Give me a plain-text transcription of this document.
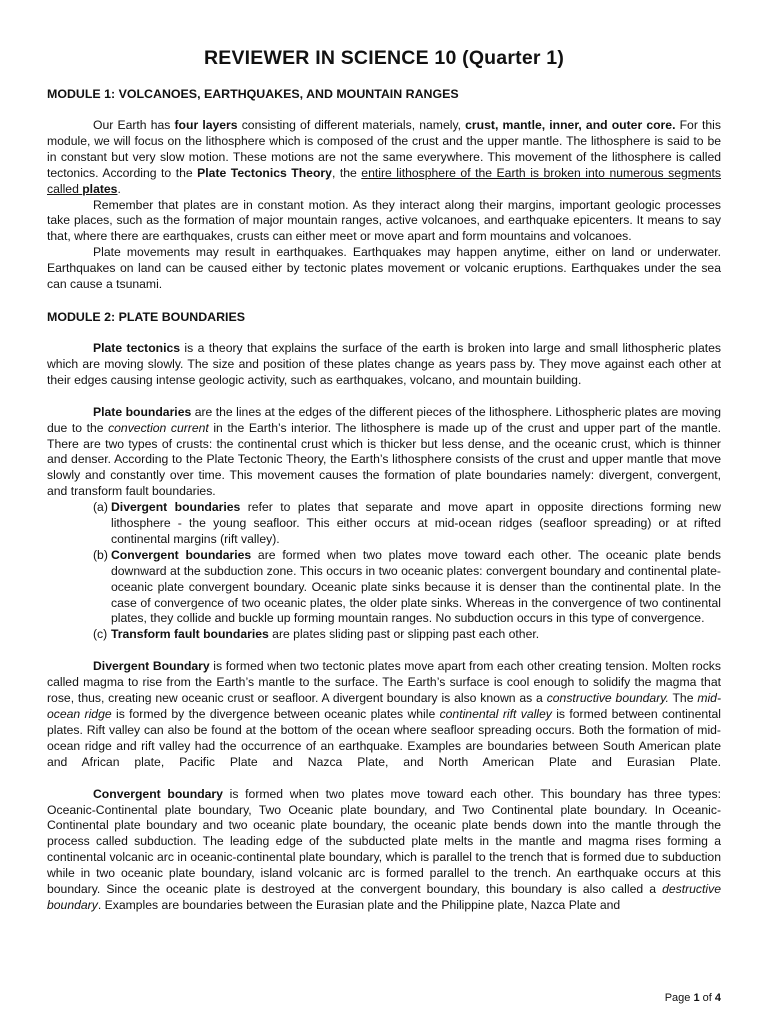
REVIEWER IN SCIENCE 10 (Quarter 1)
MODULE 1: VOLCANOES, EARTHQUAKES, AND MOUNTAIN RANGES

Our Earth has four layers consisting of different materials, namely, crust, mantle, inner, and outer core. For this module, we will focus on the lithosphere which is composed of the crust and the upper mantle. The lithosphere is said to be in constant but very slow motion. These motions are not the same everywhere. This movement of the lithosphere is called tectonics. According to the Plate Tectonics Theory, the entire lithosphere of the Earth is broken into numerous segments called plates.

Remember that plates are in constant motion. As they interact along their margins, important geologic processes take places, such as the formation of major mountain ranges, active volcanoes, and earthquake epicenters. It means to say that, where there are earthquakes, crusts can either meet or move apart and form mountains and volcanoes.

Plate movements may result in earthquakes. Earthquakes may happen anytime, either on land or underwater. Earthquakes on land can be caused either by tectonic plates movement or volcanic eruptions. Earthquakes under the sea can cause a tsunami.

MODULE 2: PLATE BOUNDARIES

Plate tectonics is a theory that explains the surface of the earth is broken into large and small lithospheric plates which are moving slowly. The size and position of these plates change as years pass by. They move against each other at their edges causing intense geologic activity, such as earthquakes, volcano, and mountain building.

Plate boundaries are the lines at the edges of the different pieces of the lithosphere. Lithospheric plates are moving due to the convection current in the Earth’s interior. The lithosphere is made up of the crust and upper part of the mantle. There are two types of crusts: the continental crust which is thicker but less dense, and the oceanic crust, which is thinner and denser. According to the Plate Tectonic Theory, the Earth’s lithosphere consists of the crust and upper mantle that move slowly and constantly over time. This movement causes the formation of plate boundaries namely: divergent, convergent, and transform fault boundaries.

(a) Divergent boundaries refer to plates that separate and move apart in opposite directions forming new lithosphere - the young seafloor. This either occurs at mid-ocean ridges (seafloor spreading) or at rifted continental margins (rift valley).
(b) Convergent boundaries are formed when two plates move toward each other. The oceanic plate bends downward at the subduction zone. This occurs in two oceanic plates: convergent boundary and continental plate-oceanic plate convergent boundary. Oceanic plate sinks because it is denser than the continental plate. In the case of convergence of two oceanic plates, the older plate sinks. Whereas in the convergence of two continental plates, they collide and buckle up forming mountain ranges. No subduction occurs in this type of convergence.
(c) Transform fault boundaries are plates sliding past or slipping past each other.

Divergent Boundary is formed when two tectonic plates move apart from each other creating tension. Molten rocks called magma to rise from the Earth’s mantle to the surface. The Earth’s surface is cool enough to solidify the magma that rose, thus, creating new oceanic crust or seafloor. A divergent boundary is also known as a constructive boundary. The mid-ocean ridge is formed by the divergence between oceanic plates while continental rift valley is formed between continental plates. Rift valley can also be found at the bottom of the ocean where seafloor spreading occurs. Both the formation of mid-ocean ridge and rift valley had the occurrence of an earthquake. Examples are boundaries between South American plate and African plate, Pacific Plate and Nazca Plate, and North American Plate and Eurasian Plate.

Convergent boundary is formed when two plates move toward each other. This boundary has three types: Oceanic-Continental plate boundary, Two Oceanic plate boundary, and Two Continental plate boundary. In Oceanic-Continental plate boundary and two oceanic plate boundary, the oceanic plate bends down into the mantle through the process called subduction. The leading edge of the subducted plate melts in the mantle and magma rises forming a continental volcanic arc in oceanic-continental plate boundary, which is parallel to the trench that is formed due to subduction while in two oceanic plate boundary, island volcanic arc is formed parallel to the trench. An earthquake occurs at this boundary. Since the oceanic plate is destroyed at the convergent boundary, this boundary is also called a destructive boundary. Examples are boundaries between the Eurasian plate and the Philippine plate, Nazca Plate and

Page 1 of 4
